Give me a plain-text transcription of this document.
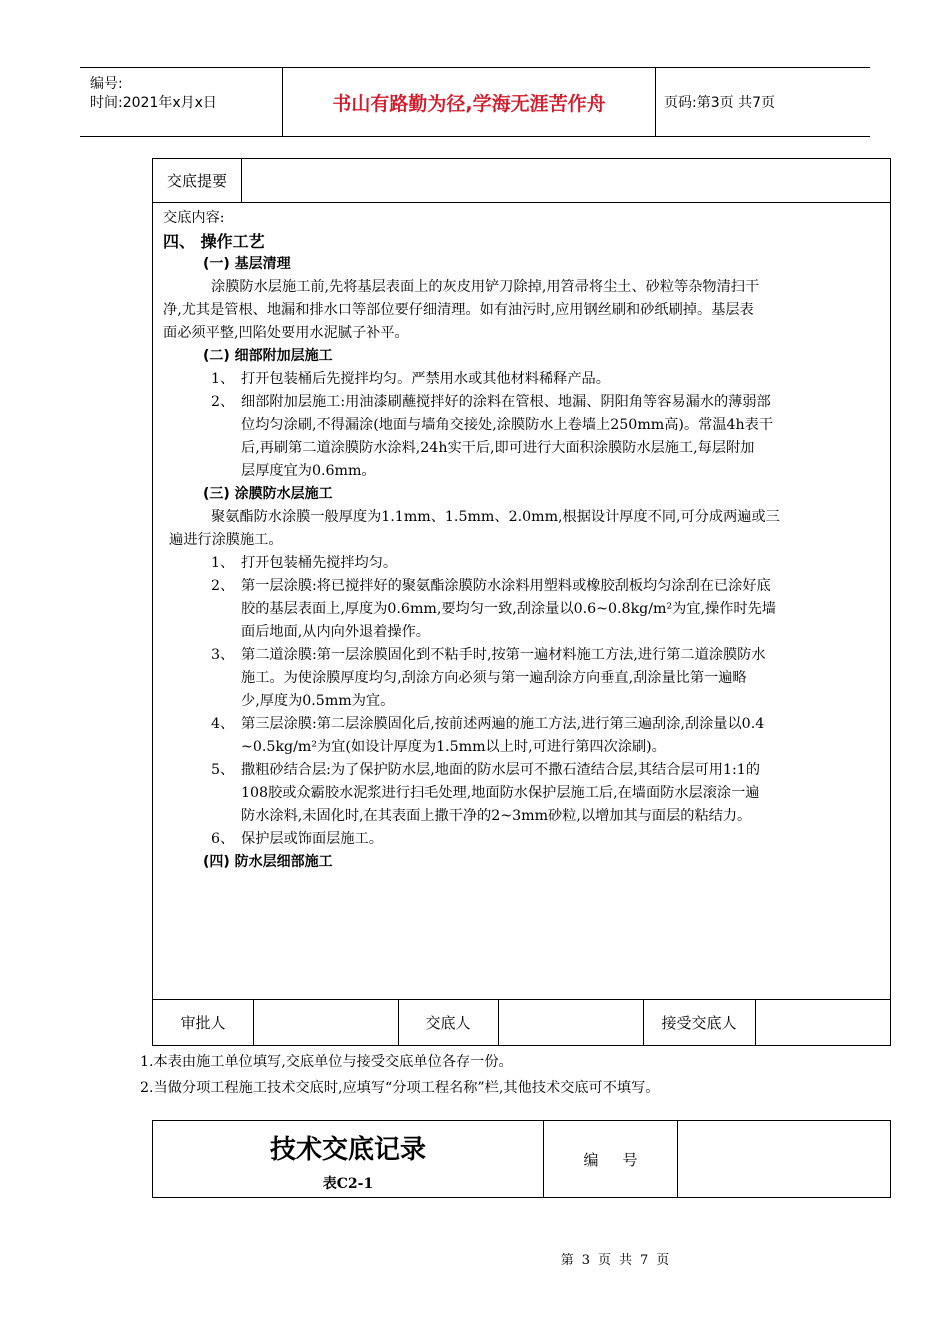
编号:
时间:2021年x月x日	书山有路勤为径,学海无涯苦作舟	页码:第3页 共7页
交底提要
交底内容:
四、 操作工艺
(一) 基层清理
涂膜防水层施工前,先将基层表面上的灰皮用铲刀除掉,用笤帚将尘土、砂粒等杂物清扫干
净,尤其是管根、地漏和排水口等部位要仔细清理。如有油污时,应用钢丝刷和砂纸刷掉。基层表
面必须平整,凹陷处要用水泥腻子补平。
(二) 细部附加层施工
1、 打开包装桶后先搅拌均匀。严禁用水或其他材料稀释产品。
2、 细部附加层施工:用油漆刷蘸搅拌好的涂料在管根、地漏、阴阳角等容易漏水的薄弱部
位均匀涂刷,不得漏涂(地面与墙角交接处,涂膜防水上卷墙上250mm高)。常温4h表干
后,再刷第二道涂膜防水涂料,24h实干后,即可进行大面积涂膜防水层施工,每层附加
层厚度宜为0.6mm。
(三) 涂膜防水层施工
聚氨酯防水涂膜一般厚度为1.1mm、1.5mm、2.0mm,根据设计厚度不同,可分成两遍或三
遍进行涂膜施工。
1、 打开包装桶先搅拌均匀。
2、 第一层涂膜:将已搅拌好的聚氨酯涂膜防水涂料用塑料或橡胶刮板均匀涂刮在已涂好底
胶的基层表面上,厚度为0.6mm,要均匀一致,刮涂量以0.6~0.8kg/m²为宜,操作时先墙
面后地面,从内向外退着操作。
3、 第二道涂膜:第一层涂膜固化到不粘手时,按第一遍材料施工方法,进行第二道涂膜防水
施工。为使涂膜厚度均匀,刮涂方向必须与第一遍刮涂方向垂直,刮涂量比第一遍略
少,厚度为0.5mm为宜。
4、 第三层涂膜:第二层涂膜固化后,按前述两遍的施工方法,进行第三遍刮涂,刮涂量以0.4
~0.5kg/m²为宜(如设计厚度为1.5mm以上时,可进行第四次涂刷)。
5、 撒粗砂结合层:为了保护防水层,地面的防水层可不撒石渣结合层,其结合层可用1:1的
108胶或众霸胶水泥浆进行扫毛处理,地面防水保护层施工后,在墙面防水层滚涂一遍
防水涂料,未固化时,在其表面上撒干净的2~3mm砂粒,以增加其与面层的粘结力。
6、 保护层或饰面层施工。
(四) 防水层细部施工
审批人	交底人	接受交底人
1.本表由施工单位填写,交底单位与接受交底单位各存一份。
2.当做分项工程施工技术交底时,应填写“分项工程名称”栏,其他技术交底可不填写。
技术交底记录
表C2-1
编号
第 3 页 共 7 页
